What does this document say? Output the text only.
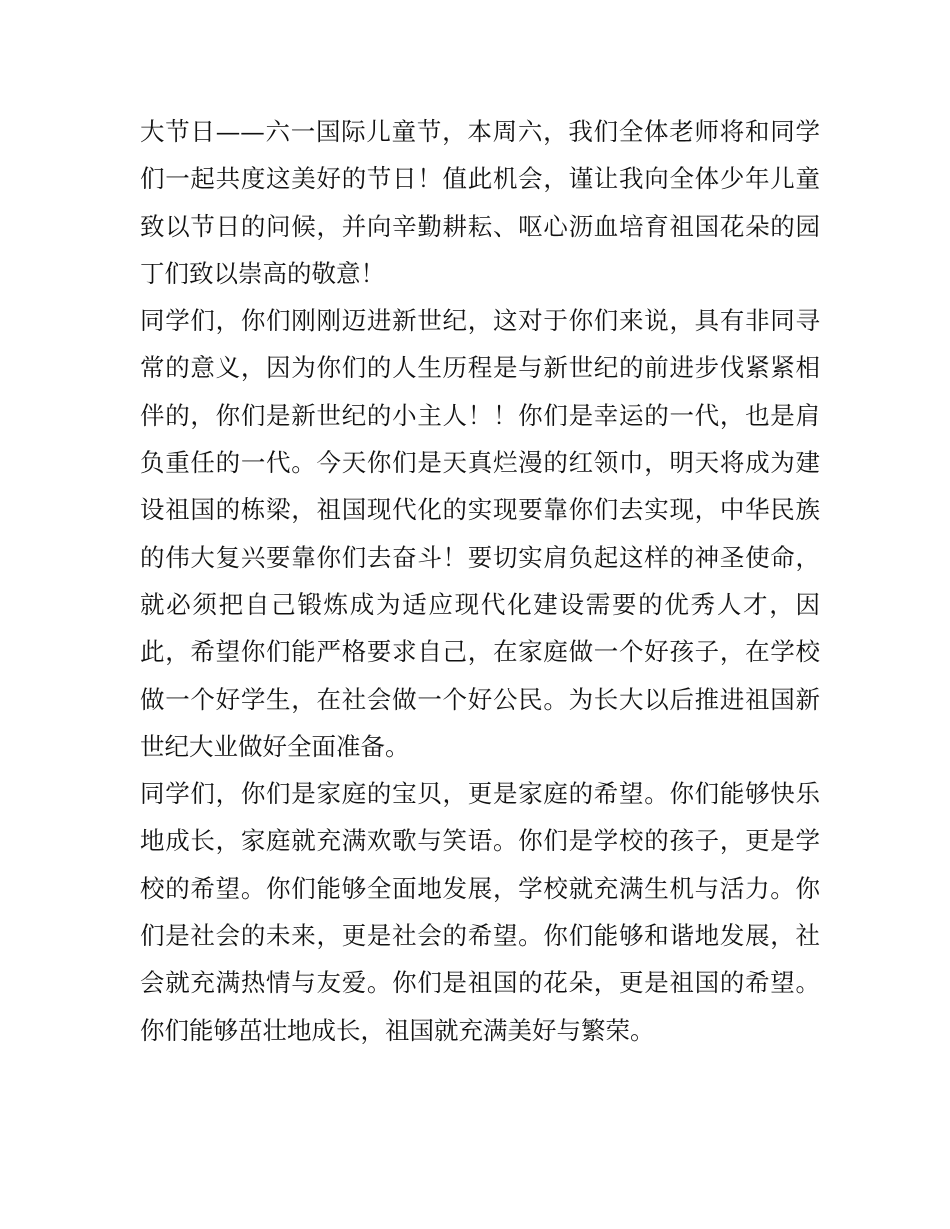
大节日——六一国际儿童节，本周六，我们全体老师将和同学
们一起共度这美好的节日！值此机会，谨让我向全体少年儿童
致以节日的问候，并向辛勤耕耘、呕心沥血培育祖国花朵的园
丁们致以崇高的敬意！
同学们，你们刚刚迈进新世纪，这对于你们来说，具有非同寻
常的意义，因为你们的人生历程是与新世纪的前进步伐紧紧相
伴的，你们是新世纪的小主人！！你们是幸运的一代，也是肩
负重任的一代。今天你们是天真烂漫的红领巾，明天将成为建
设祖国的栋梁，祖国现代化的实现要靠你们去实现，中华民族
的伟大复兴要靠你们去奋斗！要切实肩负起这样的神圣使命，
就必须把自己锻炼成为适应现代化建设需要的优秀人才，因
此，希望你们能严格要求自己，在家庭做一个好孩子，在学校
做一个好学生，在社会做一个好公民。为长大以后推进祖国新
世纪大业做好全面准备。
同学们，你们是家庭的宝贝，更是家庭的希望。你们能够快乐
地成长，家庭就充满欢歌与笑语。你们是学校的孩子，更是学
校的希望。你们能够全面地发展，学校就充满生机与活力。你
们是社会的未来，更是社会的希望。你们能够和谐地发展，社
会就充满热情与友爱。你们是祖国的花朵，更是祖国的希望。
你们能够茁壮地成长，祖国就充满美好与繁荣。
